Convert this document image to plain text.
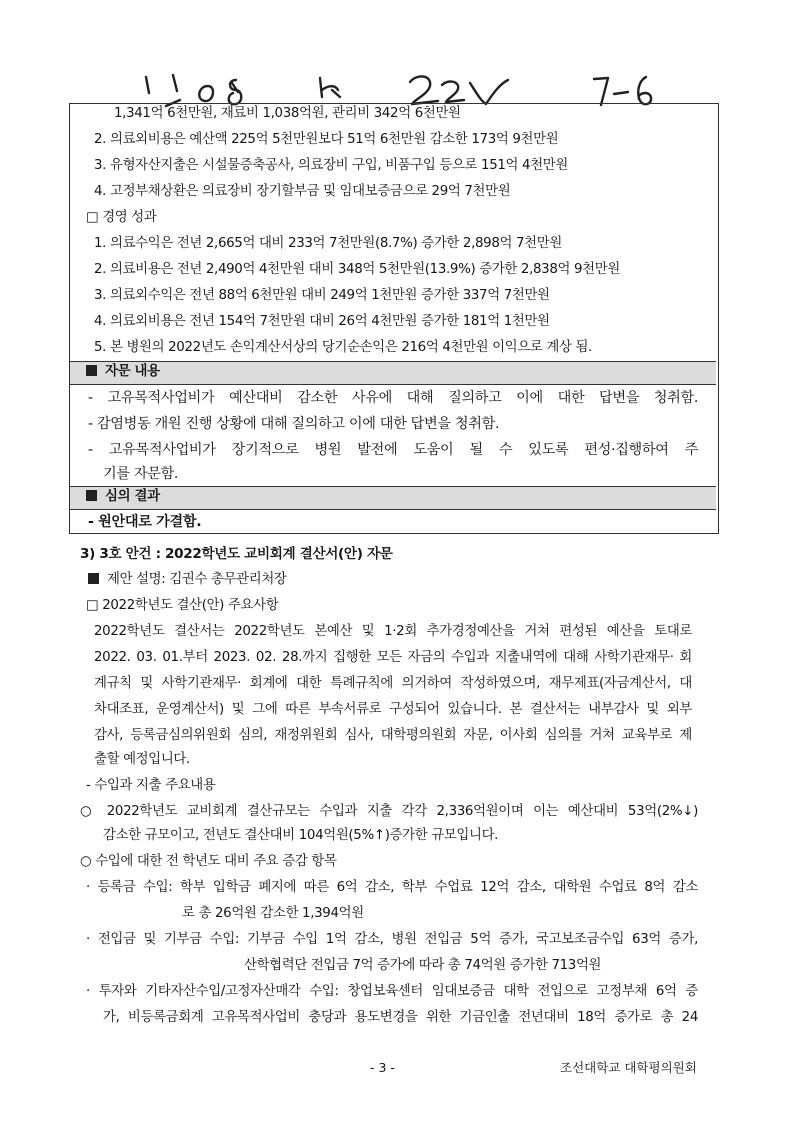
1,048 Uk 200 7-6
1,341억 6천만원, 재료비 1,038억원, 관리비 342억 6천만원
2. 의료외비용은 예산액 225억 5천만원보다 51억 6천만원 감소한 173억 9천만원
3. 유형자산지출은 시설물증축공사, 의료장비 구입, 비품구입 등으로 151억 4천만원
4. 고정부채상환은 의료장비 장기할부금 및 임대보증금으로 29억 7천만원
□ 경영 성과
1. 의료수익은 전년 2,665억 대비 233억 7천만원(8.7%) 증가한 2,898억 7천만원
2. 의료비용은 전년 2,490억 4천만원 대비 348억 5천만원(13.9%) 증가한 2,838억 9천만원
3. 의료외수익은 전년 88억 6천만원 대비 249억 1천만원 증가한 337억 7천만원
4. 의료외비용은 전년 154억 7천만원 대비 26억 4천만원 증가한 181억 1천만원
5. 본 병원의 2022년도 손익계산서상의 당기순손익은 216억 4천만원 이익으로 계상 됨.
자문 내용
- 고유목적사업비가 예산대비 감소한 사유에 대해 질의하고 이에 대한 답변을 청취함.
- 감염병동 개원 진행 상황에 대해 질의하고 이에 대한 답변을 청취함.
- 고유목적사업비가 장기적으로 병원 발전에 도움이 될 수 있도록 편성·집행하여 주
기를 자문함.
심의 결과
- 원안대로 가결함.
3) 3호 안건 : 2022학년도 교비회계 결산서(안) 자문
제안 설명: 김권수 총무관리처장
□ 2022학년도 결산(안) 주요사항
2022학년도 결산서는 2022학년도 본예산 및 1·2회 추가경정예산을 거쳐 편성된 예산을 토대로
2022. 03. 01.부터 2023. 02. 28.까지 집행한 모든 자금의 수입과 지출내역에 대해 사학기관재무· 회
계규칙 및 사학기관재무· 회계에 대한 특례규칙에 의거하여 작성하였으며, 재무제표(자금계산서, 대
차대조표, 운영계산서) 및 그에 따른 부속서류로 구성되어 있습니다. 본 결산서는 내부감사 및 외부
감사, 등록금심의위원회 심의, 재정위원회 심사, 대학평의원회 자문, 이사회 심의를 거쳐 교육부로 제
출할 예정입니다.
- 수입과 지출 주요내용
○ 2022학년도 교비회계 결산규모는 수입과 지출 각각 2,336억원이며 이는 예산대비 53억(2%↓)
감소한 규모이고, 전년도 결산대비 104억원(5%↑)증가한 규모입니다.
○ 수입에 대한 전 학년도 대비 주요 증감 항목
· 등록금 수입: 학부 입학금 폐지에 따른 6억 감소, 학부 수업료 12억 감소, 대학원 수업료 8억 감소
로 총 26억원 감소한 1,394억원
· 전입금 및 기부금 수입: 기부금 수입 1억 감소, 병원 전입금 5억 증가, 국고보조금수입 63억 증가,
산학협력단 전입금 7억 증가에 따라 총 74억원 증가한 713억원
· 투자와 기타자산수입/고정자산매각 수입: 창업보육센터 임대보증금 대학 전입으로 고정부채 6억 증
가, 비등록금회계 고유목적사업비 충당과 용도변경을 위한 기금인출 전년대비 18억 증가로 총 24
- 3 -	조선대학교 대학평의원회
